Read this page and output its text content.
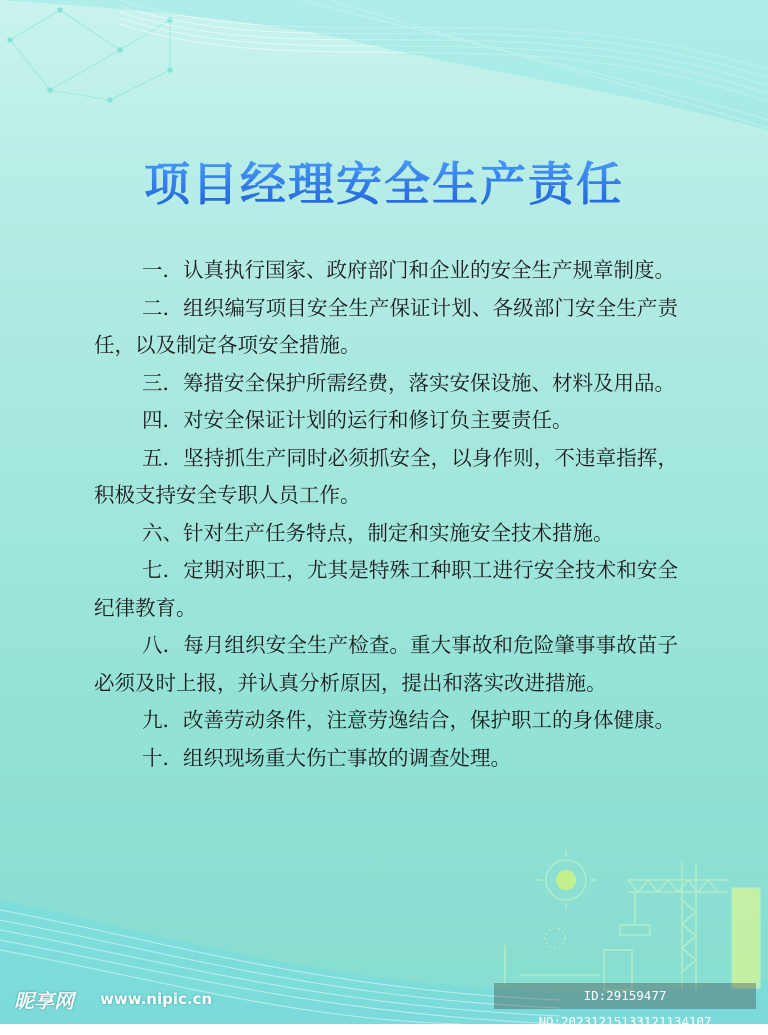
项目经理安全生产责任

一．认真执行国家、政府部门和企业的安全生产规章制度。

二．组织编写项目安全生产保证计划、各级部门安全生产责任，以及制定各项安全措施。

三．筹措安全保护所需经费，落实安保设施、材料及用品。

四．对安全保证计划的运行和修订负主要责任。

五．坚持抓生产同时必须抓安全，以身作则，不违章指挥，积极支持安全专职人员工作。

六、针对生产任务特点，制定和实施安全技术措施。

七．定期对职工，尤其是特殊工种职工进行安全技术和安全纪律教育。

八．每月组织安全生产检查。重大事故和危险肇事事故苗子必须及时上报，并认真分析原因，提出和落实改进措施。

九．改善劳动条件，注意劳逸结合，保护职工的身体健康。

十．组织现场重大伤亡事故的调查处理。

昵享网 www.nipic.cn	ID:29159477 NO:20231215133121134107
